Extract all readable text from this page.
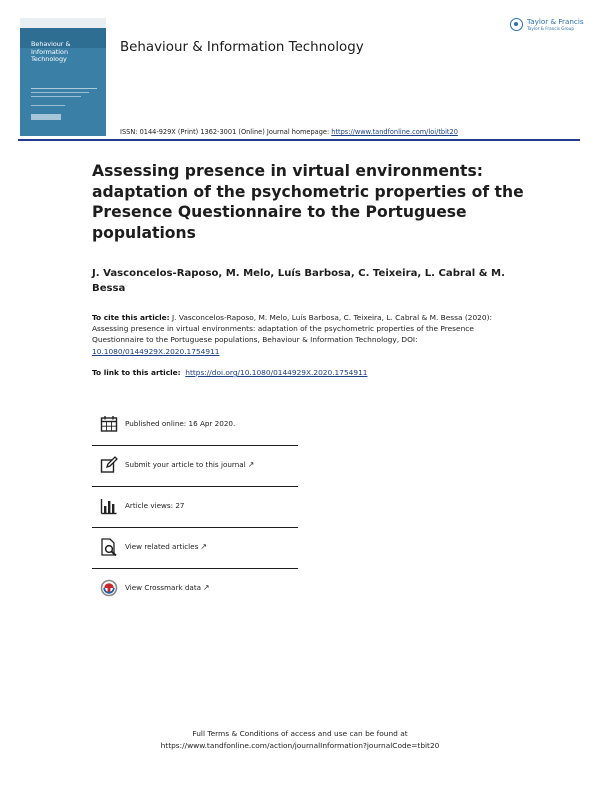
Behaviour &
Information
Technology
Behaviour & Information Technology
Taylor & Francis
Taylor & Francis Group
ISSN: 0144-929X (Print) 1362-3001 (Online) Journal homepage: https://www.tandfonline.com/loi/tbit20
Assessing presence in virtual environments: adaptation of the psychometric properties of the Presence Questionnaire to the Portuguese populations
J. Vasconcelos-Raposo, M. Melo, Luís Barbosa, C. Teixeira, L. Cabral & M. Bessa
To cite this article: J. Vasconcelos-Raposo, M. Melo, Luís Barbosa, C. Teixeira, L. Cabral & M. Bessa (2020): Assessing presence in virtual environments: adaptation of the psychometric properties of the Presence Questionnaire to the Portuguese populations, Behaviour & Information Technology, DOI: 10.1080/0144929X.2020.1754911
To link to this article: https://doi.org/10.1080/0144929X.2020.1754911
Published online: 16 Apr 2020.
Submit your article to this journal ↗
Article views: 27
View related articles ↗
View Crossmark data ↗
Full Terms & Conditions of access and use can be found at
https://www.tandfonline.com/action/journalInformation?journalCode=tbit20
